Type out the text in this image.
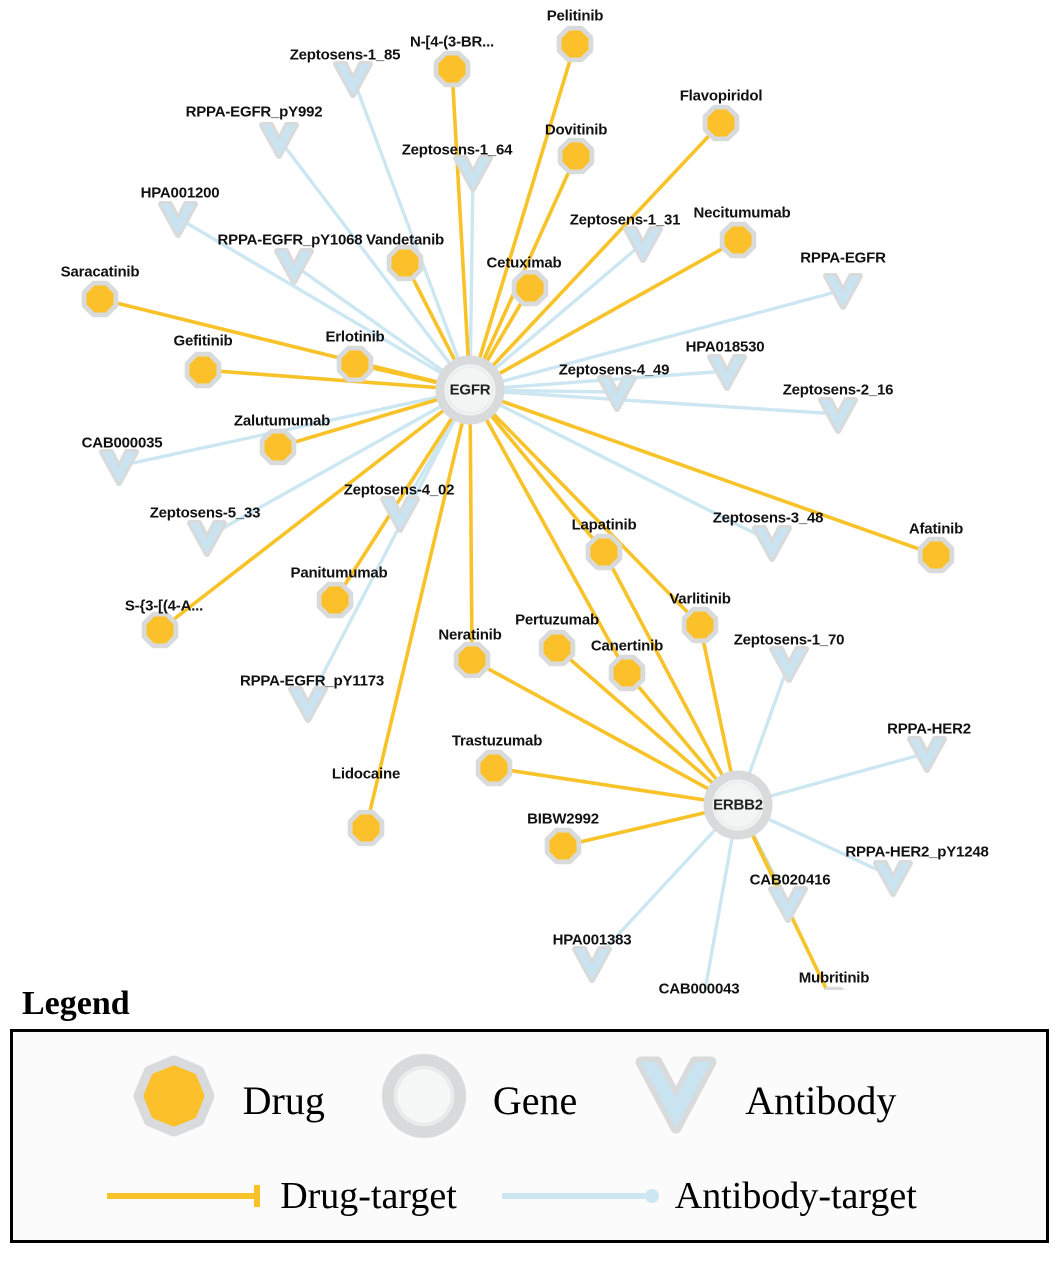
Pelitinib
N-[4-(3-BR...
Flavopiridol
Dovitinib
Necitumumab
Vandetanib
Cetuximab
Saracatinib
Erlotinib
Gefitinib
Zalutumumab
Lapatinib	Afatinib
Panitumumab
Varlitinib
S-{3-[(4-A...
Pertuzumab
Neratinib
Canertinib
Trastuzumab
Lidocaine
BIBW2992
Mubritinib
Zeptosens-1_85
RPPA-EGFR_pY992
Zeptosens-1_64
HPA001200
Zeptosens-1_31
RPPA-EGFR_pY1068
RPPA-EGFR
HPA018530
Zeptosens-4_49
Zeptosens-2_16
CAB000035
Zeptosens-4_02
Zeptosens-5_33	Zeptosens-3_48
Zeptosens-1_70
RPPA-EGFR_pY1173
RPPA-HER2
RPPA-HER2_pY1248
CAB020416
HPA001383
CAB000043
EGFR
ERBB2
Legend
Drug	Gene	Antibody
Drug-target	Antibody-target
